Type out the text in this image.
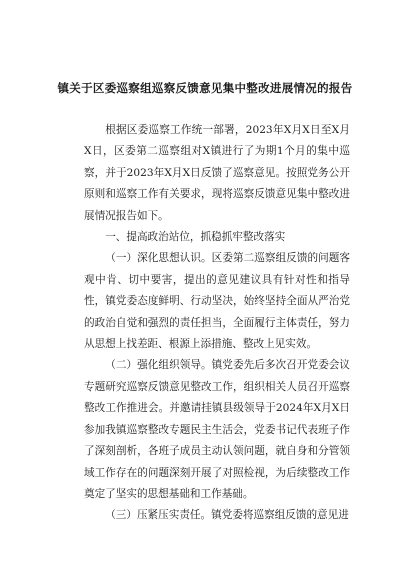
镇关于区委巡察组巡察反馈意见集中整改进展情况的报告

根据区委巡察工作统一部署，2023年X月X日至X月X日，区委第二巡察组对X镇进行了为期1个月的集中巡察，并于2023年X月X日反馈了巡察意见。按照党务公开原则和巡察工作有关要求，现将巡察反馈意见集中整改进展情况报告如下。

一、提高政治站位，抓稳抓牢整改落实

（一）深化思想认识。区委第二巡察组反馈的问题客观中肯、切中要害，提出的意见建议具有针对性和指导性，镇党委态度鲜明、行动坚决，始终坚持全面从严治党的政治自觉和强烈的责任担当，全面履行主体责任，努力从思想上找差距、根源上添措施、整改上见实效。

（二）强化组织领导。镇党委先后多次召开党委会议专题研究巡察反馈意见整改工作，组织相关人员召开巡察整改工作推进会。并邀请挂镇县级领导于2024年X月X日参加我镇巡察整改专题民主生活会，党委书记代表班子作了深刻剖析，各班子成员主动认领问题，就自身和分管领域工作存在的问题深刻开展了对照检视，为后续整改工作奠定了坚实的思想基础和工作基础。

（三）压紧压实责任。镇党委将巡察组反馈的意见进
